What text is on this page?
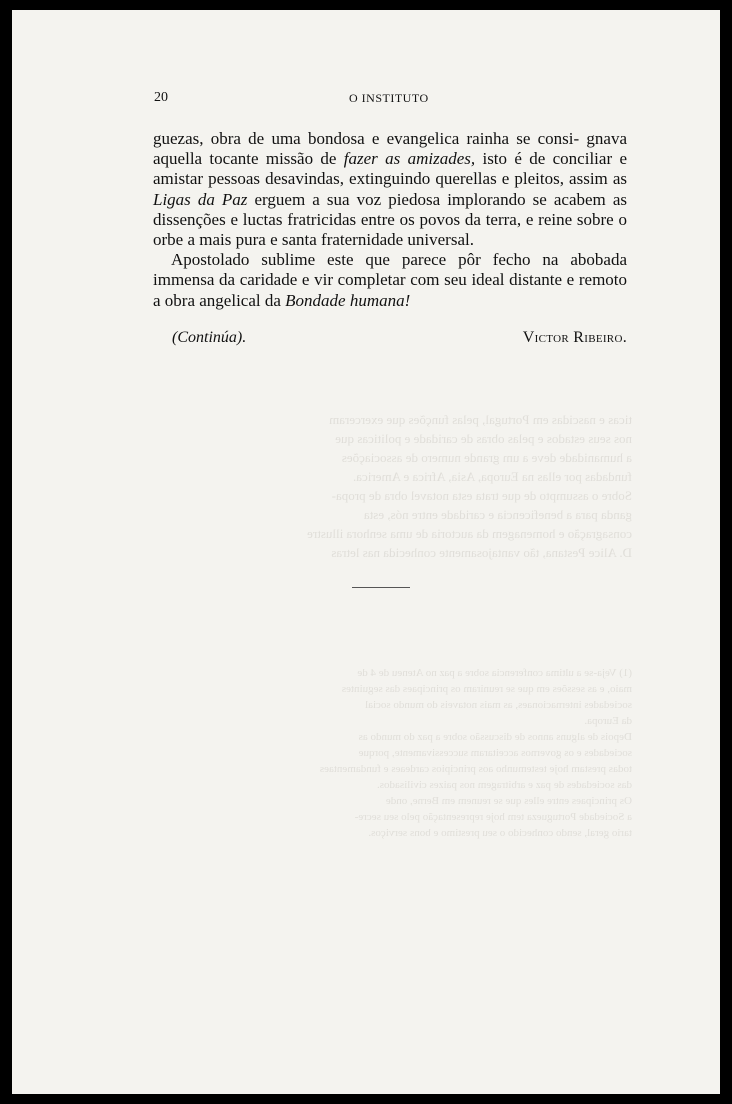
ticas e nascidas em Portugal, pelas funções que exerceram
nos seus estados e pelas obras de caridade e politicas que
a humanidade deve a um grande numero de associações
fundadas por ellas na Europa, Asia, Africa e America.
Sobre o assumpto de que trata esta notavel obra de propa-
ganda para a beneficencia e caridade entre nós, esta
consagração e homenagem da auctoria de uma senhora illustre
D. Alice Pestana, tão vantajosamente conhecida nas letras
(1) Veja-se a ultima conferencia sobre a paz no Ateneu de 4 de
maio, e as sessões em que se reuniram os principaes das seguintes
sociedades internacionaes, as mais notaveis do mundo social
da Europa.
Depois de alguns annos de discussão sobre a paz do mundo as
sociedades e os governos acceitaram successivamente, porque
todas prestam hoje testemunho aos principios cardeaes e fundamentaes
das sociedades de paz e arbitragem nos paizes civilisados.
Os principaes entre elles que se reunem em Berne, onde
a Sociedade Portugueza tem hoje representação pelo seu secre-
tario geral, sendo conhecido o seu prestimo e bons serviços.
20	O INSTITUTO

guezas, obra de uma bondosa e evangelica rainha se consi- gnava aquella tocante missão de fazer as amizades, isto é de conciliar e amistar pessoas desavindas, extinguindo querellas e pleitos, assim as Ligas da Paz erguem a sua voz piedosa implorando se acabem as dissenções e luctas fratricidas entre os povos da terra, e reine sobre o orbe a mais pura e santa fraternidade universal.

Apostolado sublime este que parece pôr fecho na abobada immensa da caridade e vir completar com seu ideal distante e remoto a obra angelical da Bondade humana!

(Continúa).	Victor Ribeiro.
